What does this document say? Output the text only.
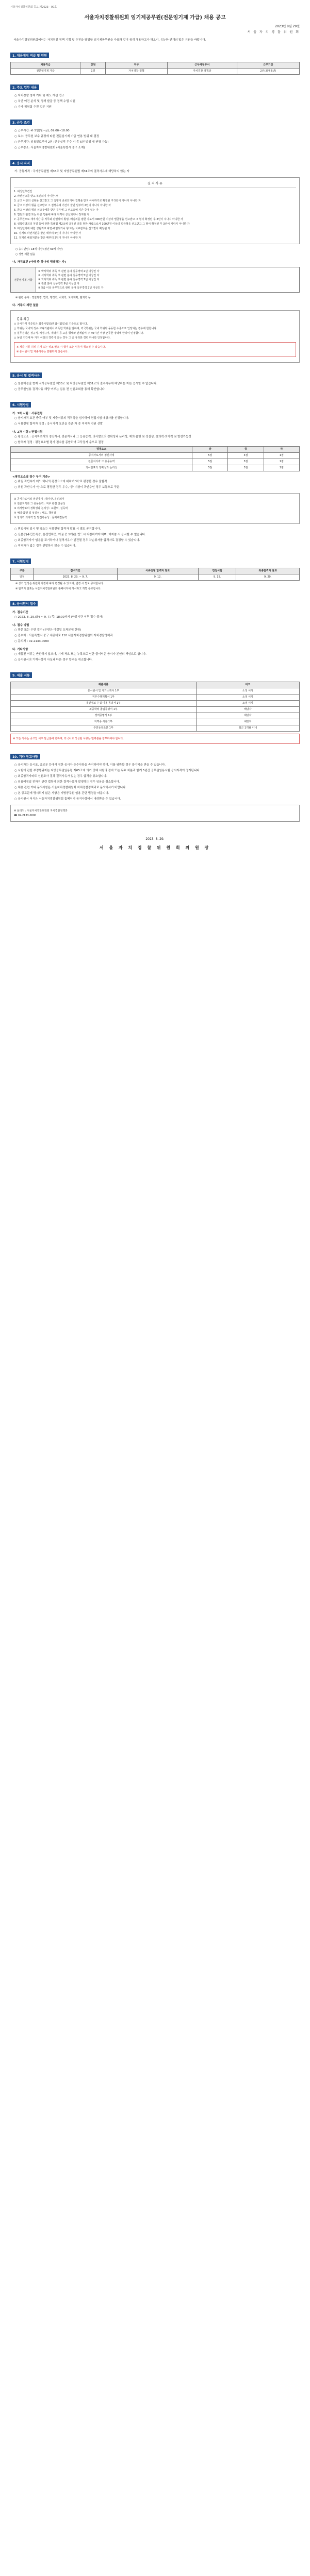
서울자치경찰위원회 공고 제2023 - 00호
서울자치경찰위원회 임기제공무원(전문임기제 가급) 채용 공고
2023년 8월 29일
서 울 자 치 경 찰 위 원 회
서울자치경찰위원회에서는 자치경찰 정책 기획 및 추진을 담당할 임기제공무원을 다음과 같이 공개 채용하고자 하오니, 유능한 인재의 많은 지원을 바랍니다.
1. 채용예정 직급 및 인원
채용직급	인원	직무	근무예정부서	근무기간
전문임기제 가급	1명	자치경찰 정책	자치경찰 정책과	2년(최대 5년)
2. 주요 업무 내용
○ 자치경찰 정책 기획 및 제도 개선 연구
○ 치안 여건 분석 및 정책 발굴 등 정책 수립 지원
○ 기타 위원회 추진 업무 지원
3. 근무 조건
○ 근무시간: 주 5일(월~금), 09:00~18:00
○ 보수: 공무원 보수 규정에 따른 전문임기제 가급 연봉 범위 내 결정
○ 근무기간: 임용일로부터 2년 (근무실적 우수 시 총 5년 범위 내 연장 가능)
○ 근무장소: 서울자치경찰위원회 (서울특별시 중구 소재)
4. 응시 자격
가. 공통자격 : 국가공무원법 제33조 및 지방공무원법 제31조의 결격사유에 해당하지 않는 자
결 격 사 유
1. 피성년후견인
2. 파산선고를 받고 복권되지 아니한 자
3. 금고 이상의 실형을 선고받고 그 집행이 종료되거나 집행을 받지 아니하기로 확정된 후 5년이 지나지 아니한 자
4. 금고 이상의 형을 선고받고 그 집행유예 기간이 끝난 날부터 2년이 지나지 아니한 자
5. 금고 이상의 형의 선고유예를 받은 경우에 그 선고유예 기간 중에 있는 자
6. 법원의 판결 또는 다른 법률에 따라 자격이 상실되거나 정지된 자
7. 공무원으로 재직기간 중 직무와 관련하여 횡령, 배임죄를 범한 자로서 300만원 이상의 벌금형을 선고받고 그 형이 확정된 후 2년이 지나지 아니한 자
8. 성폭력범죄의 처벌 등에 관한 특례법 제2조에 규정된 죄를 범한 사람으로서 100만원 이상의 벌금형을 선고받고 그 형이 확정된 후 3년이 지나지 아니한 자
9. 미성년자에 대한 성범죄로 파면·해임되거나 형 또는 치료감호를 선고받아 확정된 자
10. 징계로 파면처분을 받은 때부터 5년이 지나지 아니한 자
11. 징계로 해임처분을 받은 때부터 3년이 지나지 아니한 자
○ 응시연령 : 18세 이상 (정년 60세 미만)
○ 성별 제한 없음
나. 자격요건 (아래 중 하나에 해당하는 자)
전문임기제 가급
① 박사학위 취득 후 관련 분야 실무경력 2년 이상인 자
② 석사학위 취득 후 관련 분야 실무경력 5년 이상인 자
③ 학사학위 취득 후 관련 분야 실무경력 7년 이상인 자
④ 관련 분야 실무경력 9년 이상인 자
⑤ 5급 이상 공무원으로 관련 분야 실무경력 2년 이상인 자
※ 관련 분야 : 경찰행정, 법학, 행정학, 사회학, 도시계획, 범죄학 등
다. 거주지 제한 없음
【 유 의 】
○ 응시자격 기준일은 최종시험일(면접시험일)을 기준으로 합니다.
○ 학위는 국내외 정규 교육기관에서 취득한 학위를 말하며, 외국학위는 국내 학위와 동등한 수준으로 인정되는 경우에 한합니다.
○ 실무경력은 정규직, 비정규직, 계약직 등 고용 형태와 관계없이 주 40시간 이상 근무한 경력에 한하여 인정합니다.
○ 동일 기간에 두 가지 이상의 경력이 있는 경우 그 중 유리한 경력 하나만 인정합니다.
※ 제출 서류 허위 기재 또는 위조·변조 시 합격 또는 임용이 취소될 수 있습니다.
※ 응시원서 및 제출서류는 반환하지 않습니다.
5. 응시 및 결격사유
○ 임용예정일 현재 국가공무원법 제33조 및 지방공무원법 제31조의 결격사유에 해당하는 자는 응시할 수 없습니다.
○ 공무원임용 결격사유 해당 여부는 임용 전 신원조회를 통해 확인합니다.
6. 시험방법
가. 1차 시험 : 서류전형
○ 응시자격 요건 충족 여부 및 제출서류의 적격성을 심사하여 면접시험 대상자를 선정합니다.
○ 서류전형 합격자 결정 : 응시자격 요건을 갖춘 자 중 적격자 전원 선발
나. 2차 시험 : 면접시험
○ 평정요소 : 공직자로서의 정신자세, 전문지식과 그 응용능력, 의사발표의 정확성과 논리성, 예의·품행 및 성실성, 창의력·의지력 및 발전가능성
○ 합격자 결정 : 평정요소별 평가 점수를 종합하여 고득점자 순으로 결정
평정요소	상	중	하
공직자로서의 정신자세	5점	3점	1점
전문지식과 그 응용능력	5점	3점	1점
의사발표의 정확성과 논리성	5점	3점	1점
<평정요소별 점수 부여 기준>
○ 위원 과반수가 어느 하나의 평정요소에 대하여 '하'로 평정한 경우 불합격
○ 위원 과반수가 '상'으로 평정한 경우 우수, '중' 이상이 과반수인 경우 보통으로 구분
① 공직자로서의 정신자세 : 국가관, 윤리의식
② 전문지식과 그 응용능력 : 직무 관련 전문성
③ 의사발표의 정확성과 논리성 : 표현력, 설득력
④ 예의·품행 및 성실성 : 태도, 책임감
⑤ 창의력·의지력 및 발전가능성 : 문제해결능력
○ 면접시험 일시 및 장소는 서류전형 합격자 발표 시 별도 공지합니다.
○ 신분증(주민등록증, 운전면허증, 여권 중 1개)을 반드시 지참하여야 하며, 미지참 시 응시할 수 없습니다.
○ 최종합격자가 임용을 포기하거나 결격사유가 발견될 경우 차순위자를 합격자로 결정할 수 있습니다.
○ 적격자가 없는 경우 선발하지 않을 수 있습니다.
7. 시험일정
구분	접수기간	서류전형 합격자 발표	면접시험	최종합격자 발표
일정	2023. 8. 29. ~ 9. 7.	9. 12.	9. 15.	9. 20.
※ 상기 일정은 위원회 사정에 따라 변경될 수 있으며, 변경 시 별도 공지합니다.
※ 합격자 발표는 서울자치경찰위원회 홈페이지에 게시하고 개별 통보합니다.
8. 응시원서 접수
가. 접수기간
○ 2023. 8. 29.(화) ~ 9. 7.(목) 18:00까지 (마감시간 이후 접수 불가)
나. 접수 방법
○ 방문 또는 우편 접수 (우편은 마감일 도착분에 한함)
○ 접수처 : 서울특별시 중구 세종대로 110 서울자치경찰위원회 자치경찰정책과
○ 문의처 : 02-2133-0000
다. 기타사항
○ 제출된 서류는 반환하지 않으며, 기재 착오 또는 누락으로 인한 불이익은 응시자 본인의 책임으로 합니다.
○ 응시원서의 기재사항이 사실과 다른 경우 합격을 취소합니다.
9. 제출 서류
제출서류	비고
응시원서 및 자기소개서 1부	소정 서식
직무수행계획서 1부	소정 서식
개인정보 수집·이용 동의서 1부	소정 서식
최종학력 졸업증명서 1부	해당자
경력증명서 1부	해당자
자격증 사본 1부	해당자
주민등록초본 1부	최근 1개월 이내
※ 모든 서류는 공고일 이후 발급분에 한하며, 외국어로 작성된 서류는 번역본을 첨부하여야 합니다.
10. 기타 참고사항
○ 응시자는 응시표, 공고문 등에서 정한 응시자 준수사항을 숙지하여야 하며, 이를 위반할 경우 불이익을 받을 수 있습니다.
○ 시험에 관한 부정행위자는 지방공무원임용령 제65조에 의거 당해 시험의 정지 또는 무효 처분과 함께 5년간 공무원임용시험 응시자격이 정지됩니다.
○ 최종합격자라도 신원조사 결과 결격사유가 있는 경우 합격을 취소합니다.
○ 임용예정일 전까지 관련 법령에 의한 결격사유가 발생하는 경우 임용을 취소합니다.
○ 채용 관련 기타 문의사항은 서울자치경찰위원회 자치경찰정책과로 문의하시기 바랍니다.
○ 본 공고문에 명시되지 않은 사항은 지방공무원 임용 관련 법령을 따릅니다.
○ 응시원서 서식은 서울자치경찰위원회 홈페이지 공지사항에서 내려받을 수 있습니다.
※ 문의처 : 서울자치경찰위원회 자치경찰정책과
☎ 02-2133-0000
2023. 8. 29.
서 울 자 치 경 찰 위 원 회 위 원 장
